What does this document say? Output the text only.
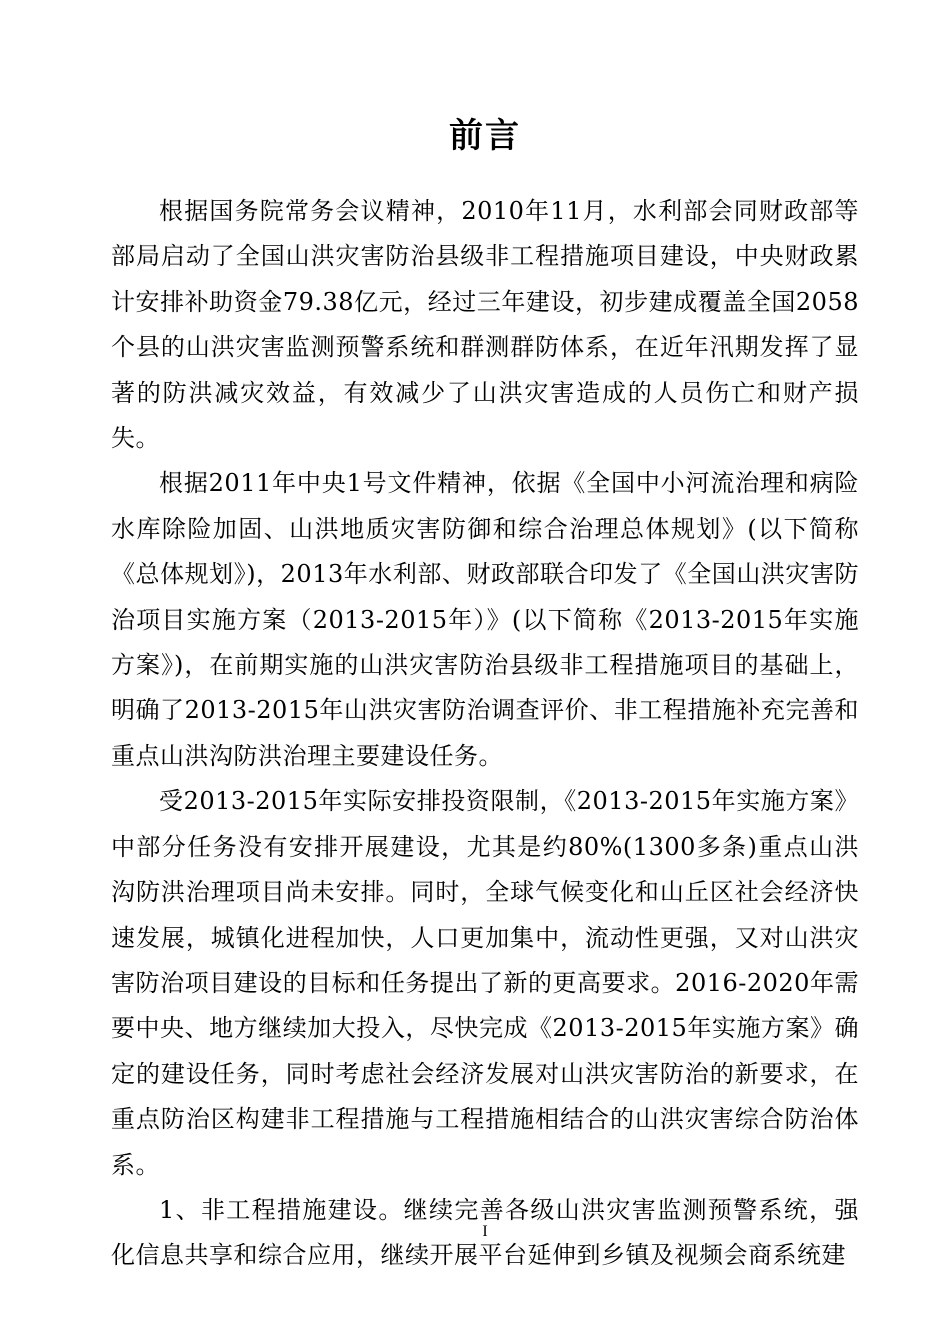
前言

根据国务院常务会议精神，2010年11月，水利部会同财政部等部局启动了全国山洪灾害防治县级非工程措施项目建设，中央财政累计安排补助资金79.38亿元，经过三年建设，初步建成覆盖全国2058个县的山洪灾害监测预警系统和群测群防体系，在近年汛期发挥了显著的防洪减灾效益，有效减少了山洪灾害造成的人员伤亡和财产损失。

根据2011年中央1号文件精神，依据《全国中小河流治理和病险水库除险加固、山洪地质灾害防御和综合治理总体规划》(以下简称《总体规划》)，2013年水利部、财政部联合印发了《全国山洪灾害防治项目实施方案（2013-2015年）》(以下简称《2013-2015年实施方案》)，在前期实施的山洪灾害防治县级非工程措施项目的基础上，明确了2013-2015年山洪灾害防治调查评价、非工程措施补充完善和重点山洪沟防洪治理主要建设任务。

受2013-2015年实际安排投资限制，《2013-2015年实施方案》中部分任务没有安排开展建设，尤其是约80%(1300多条)重点山洪沟防洪治理项目尚未安排。同时，全球气候变化和山丘区社会经济快速发展，城镇化进程加快，人口更加集中，流动性更强，又对山洪灾害防治项目建设的目标和任务提出了新的更高要求。2016-2020年需要中央、地方继续加大投入，尽快完成《2013-2015年实施方案》确定的建设任务，同时考虑社会经济发展对山洪灾害防治的新要求，在重点防治区构建非工程措施与工程措施相结合的山洪灾害综合防治体系。

1、非工程措施建设。继续完善各级山洪灾害监测预警系统，强化信息共享和综合应用，继续开展平台延伸到乡镇及视频会商系统建

I
